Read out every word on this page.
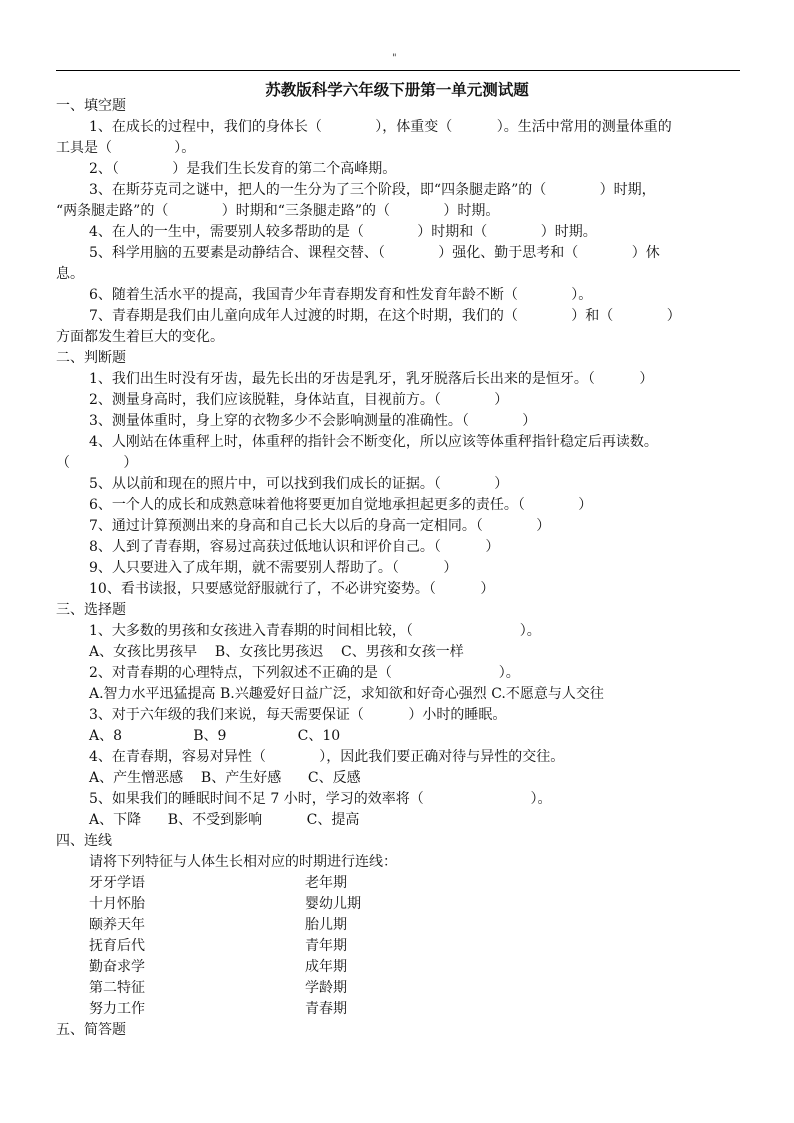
"
苏教版科学六年级下册第一单元测试题

一、填空题

1、在成长的过程中，我们的身体长（            ），体重变（          ）。生活中常用的测量体重的

工具是（              ）。

2、（            ）是我们生长发育的第二个高峰期。

3、在斯芬克司之谜中，把人的一生分为了三个阶段，即“四条腿走路”的（            ）时期，

“两条腿走路”的（            ）时期和“三条腿走路”的（            ）时期。

4、在人的一生中，需要别人较多帮助的是（            ）时期和（            ）时期。

5、科学用脑的五要素是动静结合、课程交替、（            ）强化、勤于思考和（            ）休

息。

6、随着生活水平的提高，我国青少年青春期发育和性发育年龄不断（            ）。

7、青春期是我们由儿童向成年人过渡的时期，在这个时期，我们的（            ）和（            ）

方面都发生着巨大的变化。

二、判断题

1、我们出生时没有牙齿，最先长出的牙齿是乳牙，乳牙脱落后长出来的是恒牙。（          ）

2、测量身高时，我们应该脱鞋，身体站直，目视前方。（            ）

3、测量体重时，身上穿的衣物多少不会影响测量的准确性。（            ）

4、人刚站在体重秤上时，体重秤的指针会不断变化，所以应该等体重秤指针稳定后再读数。

（            ）

5、从以前和现在的照片中，可以找到我们成长的证据。（            ）

6、一个人的成长和成熟意味着他将要更加自觉地承担起更多的责任。（            ）

7、通过计算预测出来的身高和自己长大以后的身高一定相同。（            ）

8、人到了青春期，容易过高获过低地认识和评价自己。（          ）

9、人只要进入了成年期，就不需要别人帮助了。（          ）

10、看书读报，只要感觉舒服就行了，不必讲究姿势。（          ）

三、选择题

1、大多数的男孩和女孩进入青春期的时间相比较，（                        ）。

A、女孩比男孩早    B、女孩比男孩迟    C、男孩和女孩一样

2、对青春期的心理特点，下列叙述不正确的是（                        ）。

A.智力水平迅猛提高 B.兴趣爱好日益广泛，求知欲和好奇心强烈 C.不愿意与人交往

3、对于六年级的我们来说，每天需要保证（          ）小时的睡眠。

A、8                B、9                C、10

4、在青春期，容易对异性（            ），因此我们要正确对待与异性的交往。

A、产生憎恶感    B、产生好感      C、反感

5、如果我们的睡眠时间不足 7 小时，学习的效率将（                        ）。

A、下降      B、不受到影响          C、提高

四、连线

请将下列特征与人体生长相对应的时期进行连线：

牙牙学语	老年期
十月怀胎	婴幼儿期
颐养天年	胎儿期
抚育后代	青年期
勤奋求学	成年期
第二特征	学龄期
努力工作	青春期

五、简答题
